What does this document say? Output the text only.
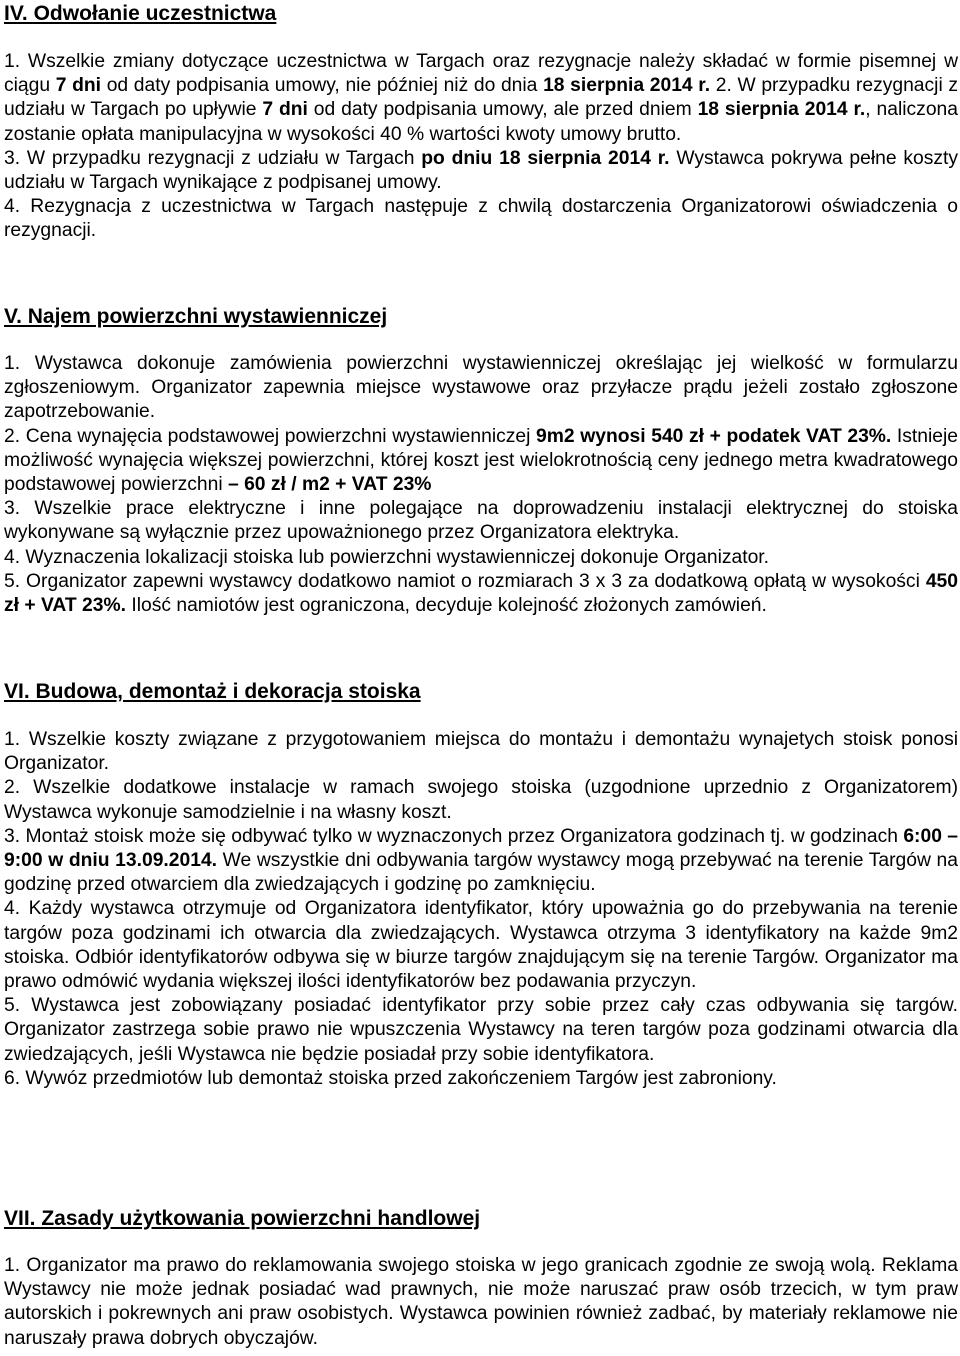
IV. Odwołanie uczestnictwa
1. Wszelkie zmiany dotyczące uczestnictwa w Targach oraz rezygnacje należy składać w formie pisemnej w ciągu 7 dni od daty podpisania umowy, nie później niż do dnia 18 sierpnia 2014 r. 2. W przypadku rezygnacji z udziału w Targach po upływie 7 dni od daty podpisania umowy, ale przed dniem 18 sierpnia 2014 r., naliczona zostanie opłata manipulacyjna w wysokości 40 % wartości kwoty umowy brutto.
3. W przypadku rezygnacji z udziału w Targach po dniu 18 sierpnia 2014 r. Wystawca pokrywa pełne koszty udziału w Targach wynikające z podpisanej umowy.
4. Rezygnacja z uczestnictwa w Targach następuje z chwilą dostarczenia Organizatorowi oświadczenia o rezygnacji.
V. Najem powierzchni wystawienniczej
1. Wystawca dokonuje zamówienia powierzchni wystawienniczej określając jej wielkość w formularzu zgłoszeniowym. Organizator zapewnia miejsce wystawowe oraz przyłacze prądu jeżeli zostało zgłoszone zapotrzebowanie.
2. Cena wynajęcia podstawowej powierzchni wystawienniczej 9m2 wynosi 540 zł + podatek VAT 23%. Istnieje możliwość wynajęcia większej powierzchni, której koszt jest wielokrotnością ceny jednego metra kwadratowego podstawowej powierzchni – 60 zł / m2 + VAT 23%
3. Wszelkie prace elektryczne i inne polegające na doprowadzeniu instalacji elektrycznej do stoiska wykonywane są wyłącznie przez upoważnionego przez Organizatora elektryka.
4. Wyznaczenia lokalizacji stoiska lub powierzchni wystawienniczej dokonuje Organizator.
5. Organizator zapewni wystawcy dodatkowo namiot o rozmiarach 3 x 3 za dodatkową opłatą w wysokości 450 zł + VAT 23%. Ilość namiotów jest ograniczona, decyduje kolejność złożonych zamówień.
VI. Budowa, demontaż i dekoracja stoiska
1. Wszelkie koszty związane z przygotowaniem miejsca do montażu i demontażu wynajetych stoisk ponosi Organizator.
2. Wszelkie dodatkowe instalacje w ramach swojego stoiska (uzgodnione uprzednio z Organizatorem) Wystawca wykonuje samodzielnie i na własny koszt.
3. Montaż stoisk może się odbywać tylko w wyznaczonych przez Organizatora godzinach tj. w godzinach 6:00 – 9:00 w dniu 13.09.2014. We wszystkie dni odbywania targów wystawcy mogą przebywać na terenie Targów na godzinę przed otwarciem dla zwiedzających i godzinę po zamknięciu.
4. Każdy wystawca otrzymuje od Organizatora identyfikator, który upoważnia go do przebywania na terenie targów poza godzinami ich otwarcia dla zwiedzających. Wystawca otrzyma 3 identyfikatory na każde 9m2 stoiska. Odbiór identyfikatorów odbywa się w biurze targów znajdującym się na terenie Targów. Organizator ma prawo odmówić wydania większej ilości identyfikatorów bez podawania przyczyn.
5. Wystawca jest zobowiązany posiadać identyfikator przy sobie przez cały czas odbywania się targów. Organizator zastrzega sobie prawo nie wpuszczenia Wystawcy na teren targów poza godzinami otwarcia dla zwiedzających, jeśli Wystawca nie będzie posiadał przy sobie identyfikatora.
6. Wywóz przedmiotów lub demontaż stoiska przed zakończeniem Targów jest zabroniony.
VII. Zasady użytkowania powierzchni handlowej
1. Organizator ma prawo do reklamowania swojego stoiska w jego granicach zgodnie ze swoją wolą. Reklama Wystawcy nie może jednak posiadać wad prawnych, nie może naruszać praw osób trzecich, w tym praw autorskich i pokrewnych ani praw osobistych. Wystawca powinien również zadbać, by materiały reklamowe nie naruszały prawa dobrych obyczajów.
